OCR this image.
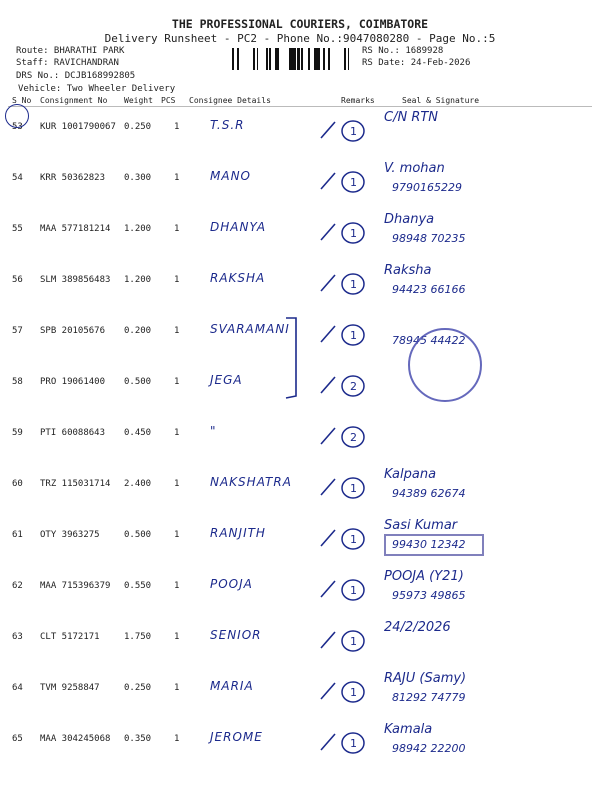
THE PROFESSIONAL COURIERS, COIMBATORE
Delivery Runsheet - PC2 - Phone No.:9047080280 - Page No.:5
Route: BHARATHI PARK
Staff: RAVICHANDRAN
DRS No.: DCJB168992805
Vehicle: Two Wheeler Delivery
RS No.: 1689928
RS Date: 24-Feb-2026
S No Consignment No Weight PCS Consignee Details	Remarks	Seal & Signature
53 KUR 1001790067 0.250	1	T.S.R	1
C/N RTN
54 KRR 50362823 0.300	1	MANO	1
V. mohan
9790165229
55 MAA 577181214 1.200	1	DHANYA	1
Dhanya
98948 70235
56 SLM 389856483 1.200	1	RAKSHA	1
Raksha
94423 66166
57 SPB 20105676 0.200	1	SVARAMANI	1	78945 44422
58 PRO 19061400 0.500	1	JEGA	2
59 PTI 60088643 0.450	1	"	2
60 TRZ 115031714 2.400	1	NAKSHATRA	1
Kalpana
94389 62674
61 OTY 3963275	0.500	1	RANJITH	1
Sasi Kumar
99430 12342
62 MAA 715396379 0.550	1	POOJA	1
POOJA (Y21)
95973 49865
63 CLT 5172171	1.750	1	SENIOR	1
24/2/2026
64 TVM 9258847	0.250	1	MARIA	1
RAJU (Samy)
81292 74779
65 MAA 304245068 0.350	1	JEROME	1
Kamala
98942 22200
